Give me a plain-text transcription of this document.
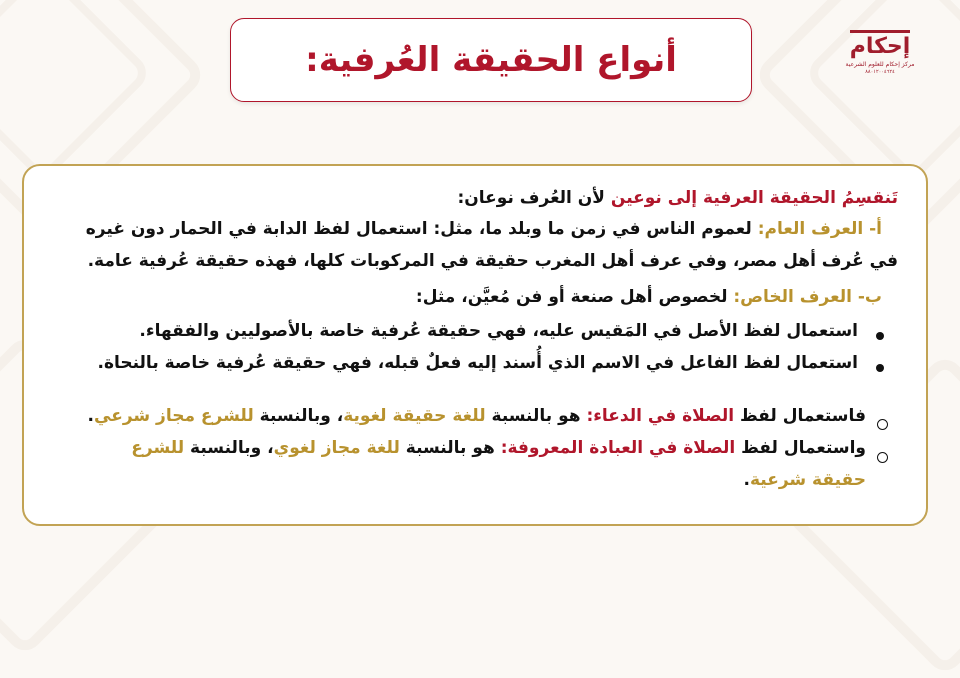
أنواع الحقيقة العُرفية:	إحكام
مركز إحكام للعلوم الشرعية
٨٨٠١٢٠٠٤٦٢٤
تَنقسِمُ الحقيقة العرفية إلى نوعين لأن العُرف نوعان:
أ- العرف العام: لعموم الناس في زمن ما وبلد ما، مثل: استعمال لفظ الدابة في الحمار دون غيره
في عُرف أهل مصر، وفي عرف أهل المغرب حقيقة في المركوبات كلها، فهذه حقيقة عُرفية عامة.
ب- العرف الخاص: لخصوص أهل صنعة أو فن مُعيَّن، مثل:
استعمال لفظ الأصل في المَقيس عليه، فهي حقيقة عُرفية خاصة بالأصوليين والفقهاء.
استعمال لفظ الفاعل في الاسم الذي أُسند إليه فعلٌ قبله، فهي حقيقة عُرفية خاصة بالنحاة.
فاستعمال لفظ الصلاة في الدعاء: هو بالنسبة للغة حقيقة لغوية، وبالنسبة للشرع مجاز شرعي.
واستعمال لفظ الصلاة في العبادة المعروفة: هو بالنسبة للغة مجاز لغوي، وبالنسبة للشرع
حقيقة شرعية.
